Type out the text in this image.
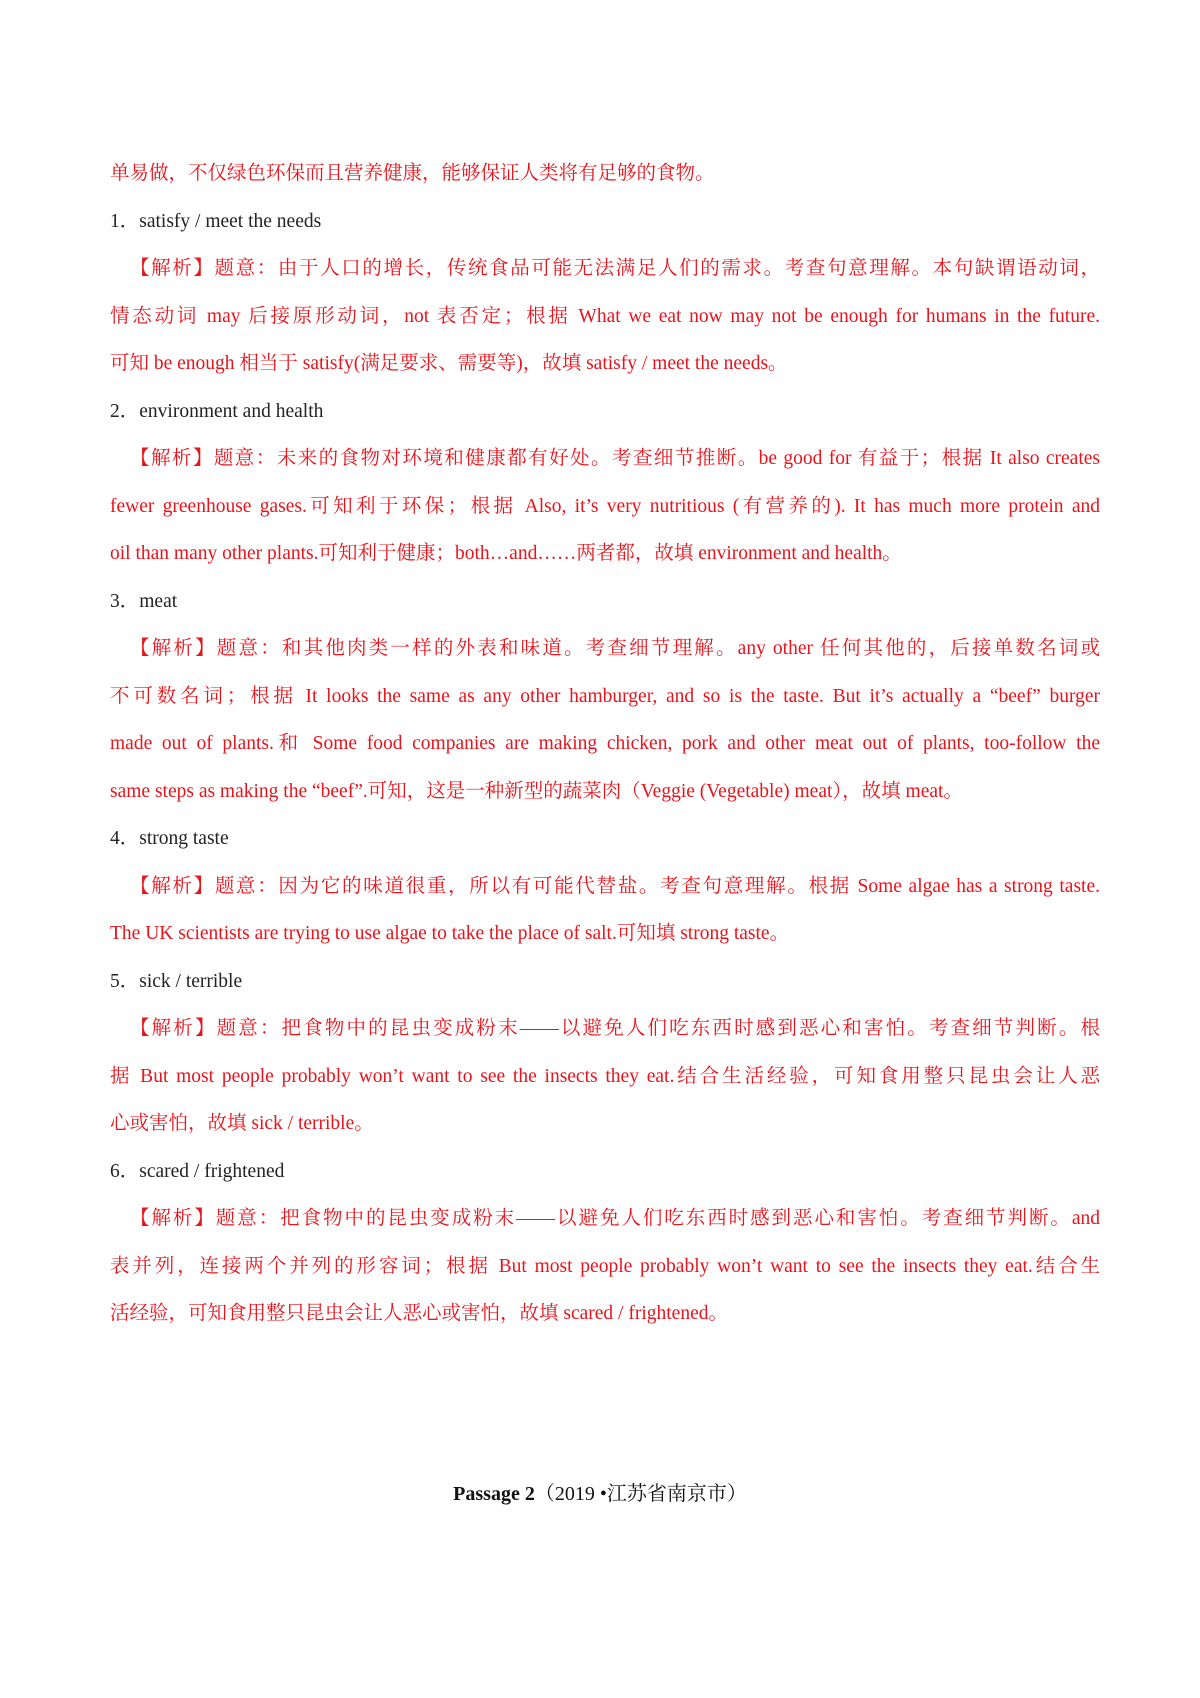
单易做，不仅绿色环保而且营养健康，能够保证人类将有足够的食物。
1．satisfy / meet the needs
【解析】题意：由于人口的增长，传统食品可能无法满足人们的需求。考查句意理解。本句缺谓语动词，
情态动词 may 后接原形动词，not 表否定；根据 What we eat now may not be enough for humans in the future.
可知 be enough 相当于 satisfy(满足要求、需要等)，故填 satisfy / meet the needs。
2．environment and health
【解析】题意：未来的食物对环境和健康都有好处。考查细节推断。be good for 有益于；根据 It also creates
fewer greenhouse gases.可知利于环保；根据 Also, it’s very nutritious (有营养的). It has much more protein and
oil than many other plants.可知利于健康；both…and……两者都，故填 environment and health。
3．meat
【解析】题意：和其他肉类一样的外表和味道。考查细节理解。any other 任何其他的，后接单数名词或
不可数名词；根据 It looks the same as any other hamburger, and so is the taste. But it’s actually a “beef” burger
made out of plants.和 Some food companies are making chicken, pork and other meat out of plants, too-follow the
same steps as making the “beef”.可知，这是一种新型的蔬菜肉（Veggie (Vegetable) meat），故填 meat。
4．strong taste
【解析】题意：因为它的味道很重，所以有可能代替盐。考查句意理解。根据 Some algae has a strong taste.
The UK scientists are trying to use algae to take the place of salt.可知填 strong taste。
5．sick / terrible
【解析】题意：把食物中的昆虫变成粉末——以避免人们吃东西时感到恶心和害怕。考查细节判断。根
据 But most people probably won’t want to see the insects they eat.结合生活经验，可知食用整只昆虫会让人恶
心或害怕，故填 sick / terrible。
6．scared / frightened
【解析】题意：把食物中的昆虫变成粉末——以避免人们吃东西时感到恶心和害怕。考查细节判断。and
表并列，连接两个并列的形容词；根据 But most people probably won’t want to see the insects they eat.结合生
活经验，可知食用整只昆虫会让人恶心或害怕，故填 scared / frightened。
Passage 2（2019 •江苏省南京市）
